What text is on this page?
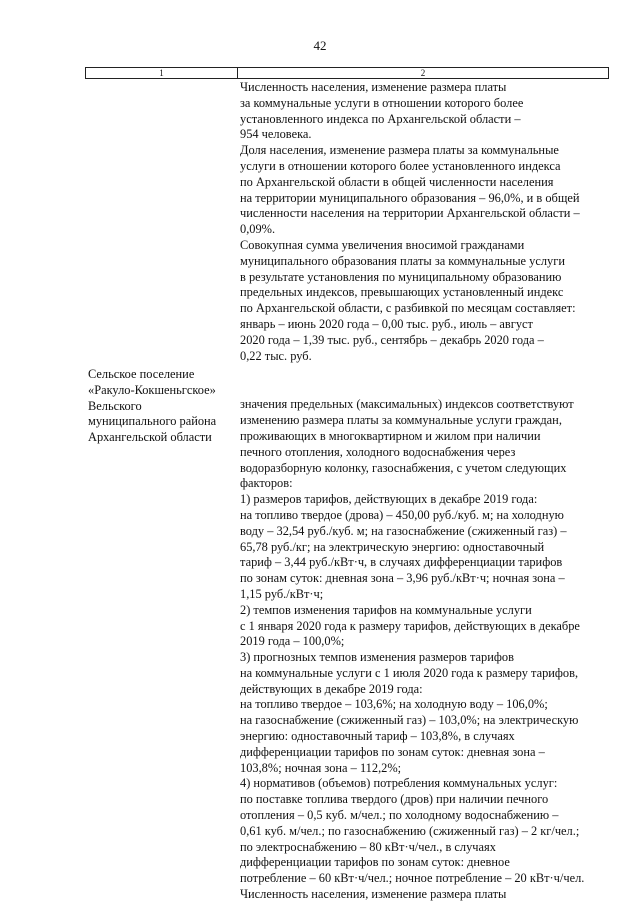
42
1	2
Сельское поселение
«Ракуло-Кокшеньгское»
Вельского
муниципального района
Архангельской области
Численность населения, изменение размера платы
за коммунальные услуги в отношении которого более
установленного индекса по Архангельской области –
954 человека.
Доля населения, изменение размера платы за коммунальные
услуги в отношении которого более установленного индекса
по Архангельской области в общей численности населения
на территории муниципального образования – 96,0%, и в общей
численности населения на территории Архангельской области –
0,09%.
Совокупная сумма увеличения вносимой гражданами
муниципального образования платы за коммунальные услуги
в результате установления по муниципальному образованию
предельных индексов, превышающих установленный индекс
по Архангельской области, с разбивкой по месяцам составляет:
январь – июнь 2020 года – 0,00 тыс. руб., июль – август
2020 года – 1,39 тыс. руб., сентябрь – декабрь 2020 года –
0,22 тыс. руб.
значения предельных (максимальных) индексов соответствуют
изменению размера платы за коммунальные услуги граждан,
проживающих в многоквартирном и жилом при наличии
печного отопления, холодного водоснабжения через
водоразборную колонку, газоснабжения, с учетом следующих
факторов:
1) размеров тарифов, действующих в декабре 2019 года:
на топливо твердое (дрова) – 450,00 руб./куб. м; на холодную
воду – 32,54 руб./куб. м; на газоснабжение (сжиженный газ) –
65,78 руб./кг; на электрическую энергию: одноставочный
тариф – 3,44 руб./кВт·ч, в случаях дифференциации тарифов
по зонам суток: дневная зона – 3,96 руб./кВт·ч; ночная зона –
1,15 руб./кВт·ч;
2) темпов изменения тарифов на коммунальные услуги
с 1 января 2020 года к размеру тарифов, действующих в декабре
2019 года – 100,0%;
3) прогнозных темпов изменения размеров тарифов
на коммунальные услуги с 1 июля 2020 года к размеру тарифов,
действующих в декабре 2019 года:
на топливо твердое – 103,6%; на холодную воду – 106,0%;
на газоснабжение (сжиженный газ) – 103,0%; на электрическую
энергию: одноставочный тариф – 103,8%, в случаях
дифференциации тарифов по зонам суток: дневная зона –
103,8%; ночная зона – 112,2%;
4) нормативов (объемов) потребления коммунальных услуг:
по поставке топлива твердого (дров) при наличии печного
отопления – 0,5 куб. м/чел.; по холодному водоснабжению –
0,61 куб. м/чел.; по газоснабжению (сжиженный газ) – 2 кг/чел.;
по электроснабжению – 80 кВт·ч/чел., в случаях
дифференциации тарифов по зонам суток: дневное
потребление – 60 кВт·ч/чел.; ночное потребление – 20 кВт·ч/чел.
Численность населения, изменение размера платы
